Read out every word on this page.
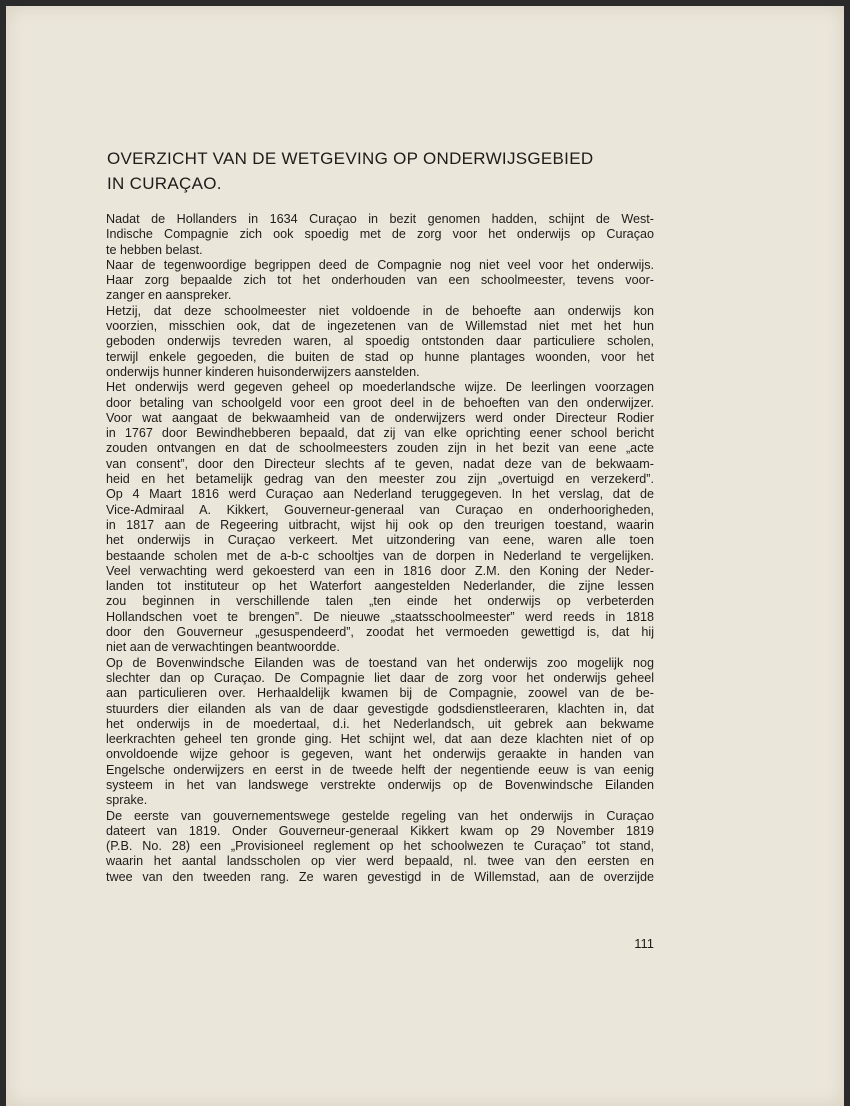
OVERZICHT VAN DE WETGEVING OP ONDERWIJSGEBIED
IN CURAÇAO.
Nadat de Hollanders in 1634 Curaçao in bezit genomen hadden, schijnt de West-
Indische Compagnie zich ook spoedig met de zorg voor het onderwijs op Curaçao
te hebben belast.
Naar de tegenwoordige begrippen deed de Compagnie nog niet veel voor het onderwijs.
Haar zorg bepaalde zich tot het onderhouden van een schoolmeester, tevens voor-
zanger en aanspreker.
Hetzij, dat deze schoolmeester niet voldoende in de behoefte aan onderwijs kon
voorzien, misschien ook, dat de ingezetenen van de Willemstad niet met het hun
geboden onderwijs tevreden waren, al spoedig ontstonden daar particuliere scholen,
terwijl enkele gegoeden, die buiten de stad op hunne plantages woonden, voor het
onderwijs hunner kinderen huisonderwijzers aanstelden.
Het onderwijs werd gegeven geheel op moederlandsche wijze. De leerlingen voorzagen
door betaling van schoolgeld voor een groot deel in de behoeften van den onderwijzer.
Voor wat aangaat de bekwaamheid van de onderwijzers werd onder Directeur Rodier
in 1767 door Bewindhebberen bepaald, dat zij van elke oprichting eener school bericht
zouden ontvangen en dat de schoolmeesters zouden zijn in het bezit van eene „acte
van consent”, door den Directeur slechts af te geven, nadat deze van de bekwaam-
heid en het betamelijk gedrag van den meester zou zijn „overtuigd en verzekerd”.
Op 4 Maart 1816 werd Curaçao aan Nederland teruggegeven. In het verslag, dat de
Vice-Admiraal A. Kikkert, Gouverneur-generaal van Curaçao en onderhoorigheden,
in 1817 aan de Regeering uitbracht, wijst hij ook op den treurigen toestand, waarin
het onderwijs in Curaçao verkeert. Met uitzondering van eene, waren alle toen
bestaande scholen met de a-b-c schooltjes van de dorpen in Nederland te vergelijken.
Veel verwachting werd gekoesterd van een in 1816 door Z.M. den Koning der Neder-
landen tot instituteur op het Waterfort aangestelden Nederlander, die zijne lessen
zou beginnen in verschillende talen „ten einde het onderwijs op verbeterden
Hollandschen voet te brengen”. De nieuwe „staatsschoolmeester” werd reeds in 1818
door den Gouverneur „gesuspendeerd”, zoodat het vermoeden gewettigd is, dat hij
niet aan de verwachtingen beantwoordde.
Op de Bovenwindsche Eilanden was de toestand van het onderwijs zoo mogelijk nog
slechter dan op Curaçao. De Compagnie liet daar de zorg voor het onderwijs geheel
aan particulieren over. Herhaaldelijk kwamen bij de Compagnie, zoowel van de be-
stuurders dier eilanden als van de daar gevestigde godsdienstleeraren, klachten in, dat
het onderwijs in de moedertaal, d.i. het Nederlandsch, uit gebrek aan bekwame
leerkrachten geheel ten gronde ging. Het schijnt wel, dat aan deze klachten niet of op
onvoldoende wijze gehoor is gegeven, want het onderwijs geraakte in handen van
Engelsche onderwijzers en eerst in de tweede helft der negentiende eeuw is van eenig
systeem in het van landswege verstrekte onderwijs op de Bovenwindsche Eilanden
sprake.
De eerste van gouvernementswege gestelde regeling van het onderwijs in Curaçao
dateert van 1819. Onder Gouverneur-generaal Kikkert kwam op 29 November 1819
(P.B. No. 28) een „Provisioneel reglement op het schoolwezen te Curaçao” tot stand,
waarin het aantal landsscholen op vier werd bepaald, nl. twee van den eersten en
twee van den tweeden rang. Ze waren gevestigd in de Willemstad, aan de overzijde
111
